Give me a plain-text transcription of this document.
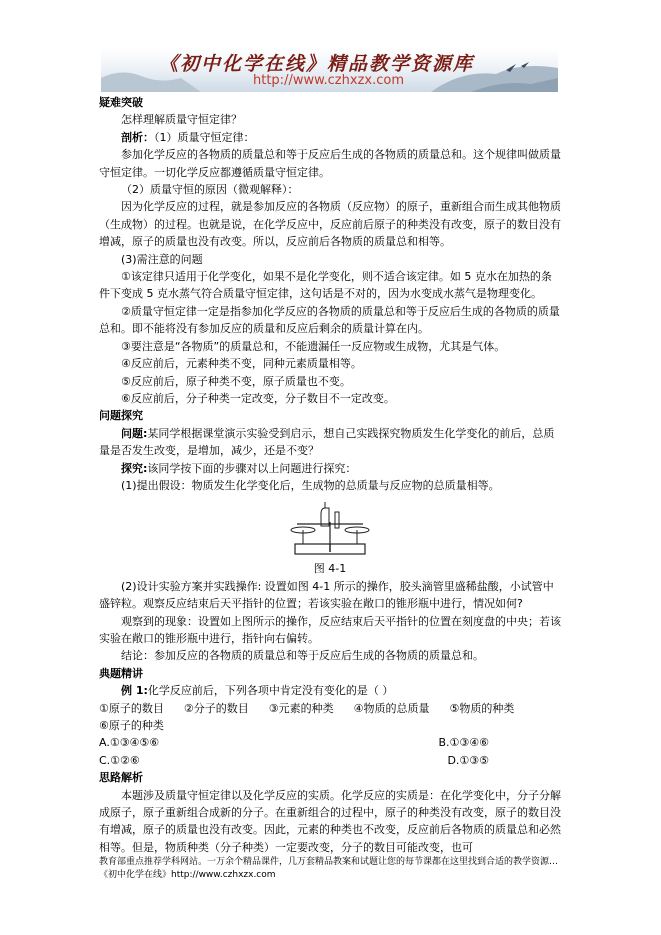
《初中化学在线》精品教学资源库
http://www.czhxzx.com

疑难突破

怎样理解质量守恒定律？

剖析：（1）质量守恒定律：

参加化学反应的各物质的质量总和等于反应后生成的各物质的质量总和。这个规律叫做质量守恒定律。一切化学反应都遵循质量守恒定律。

（2）质量守恒的原因（微观解释）：

因为化学反应的过程，就是参加反应的各物质（反应物）的原子，重新组合而生成其他物质（生成物）的过程。也就是说，在化学反应中，反应前后原子的种类没有改变，原子的数目没有增减，原子的质量也没有改变。所以，反应前后各物质的质量总和相等。

(3)需注意的问题

①该定律只适用于化学变化，如果不是化学变化，则不适合该定律。如 5 克水在加热的条件下变成 5 克水蒸气符合质量守恒定律，这句话是不对的，因为水变成水蒸气是物理变化。

②质量守恒定律一定是指参加化学反应的各物质的质量总和等于反应后生成的各物质的质量总和。即不能将没有参加反应的质量和反应后剩余的质量计算在内。

③要注意是“各物质”的质量总和，不能遗漏任一反应物或生成物，尤其是气体。

④反应前后，元素种类不变，同种元素质量相等。

⑤反应前后，原子种类不变，原子质量也不变。

⑥反应前后，分子种类一定改变，分子数目不一定改变。

问题探究

问题:某同学根据课堂演示实验受到启示，想自己实践探究物质发生化学变化的前后，总质量是否发生改变，是增加，减少，还是不变？

探究:该同学按下面的步骤对以上问题进行探究：

(1)提出假设：物质发生化学变化后，生成物的总质量与反应物的总质量相等。

图 4-1

(2)设计实验方案并实践操作: 设置如图 4-1 所示的操作，胶头滴管里盛稀盐酸，小试管中盛锌粒。观察反应结束后天平指针的位置；若该实验在敞口的锥形瓶中进行，情况如何?

观察到的现象：设置如上图所示的操作，反应结束后天平指针的位置在刻度盘的中央；若该实验在敞口的锥形瓶中进行，指针向右偏转。

结论：参加反应的各物质的质量总和等于反应后生成的各物质的质量总和。

典题精讲

例 1:化学反应前后，下列各项中肯定没有变化的是（ ）

①原子的数目 ②分子的数目 ③元素的种类 ④物质的总质量 ⑤物质的种类
⑥原子的种类
A.①③④⑤⑥	B.①③④⑥
C.①②⑥	D.①③⑤

思路解析

本题涉及质量守恒定律以及化学反应的实质。化学反应的实质是：在化学变化中，分子分解成原子，原子重新组合成新的分子。在重新组合的过程中，原子的种类没有改变，原子的数目没有增减，原子的质量也没有改变。因此，元素的种类也不改变，反应前后各物质的质量总和必然相等。但是，物质种类（分子种类）一定要改变，分子的数目可能改变，也可

教育部重点推荐学科网站。一万余个精品课件，几万套精品教案和试题让您的每节课都在这里找到合适的教学资源…《初中化学在线》http://www.czhxzx.com
